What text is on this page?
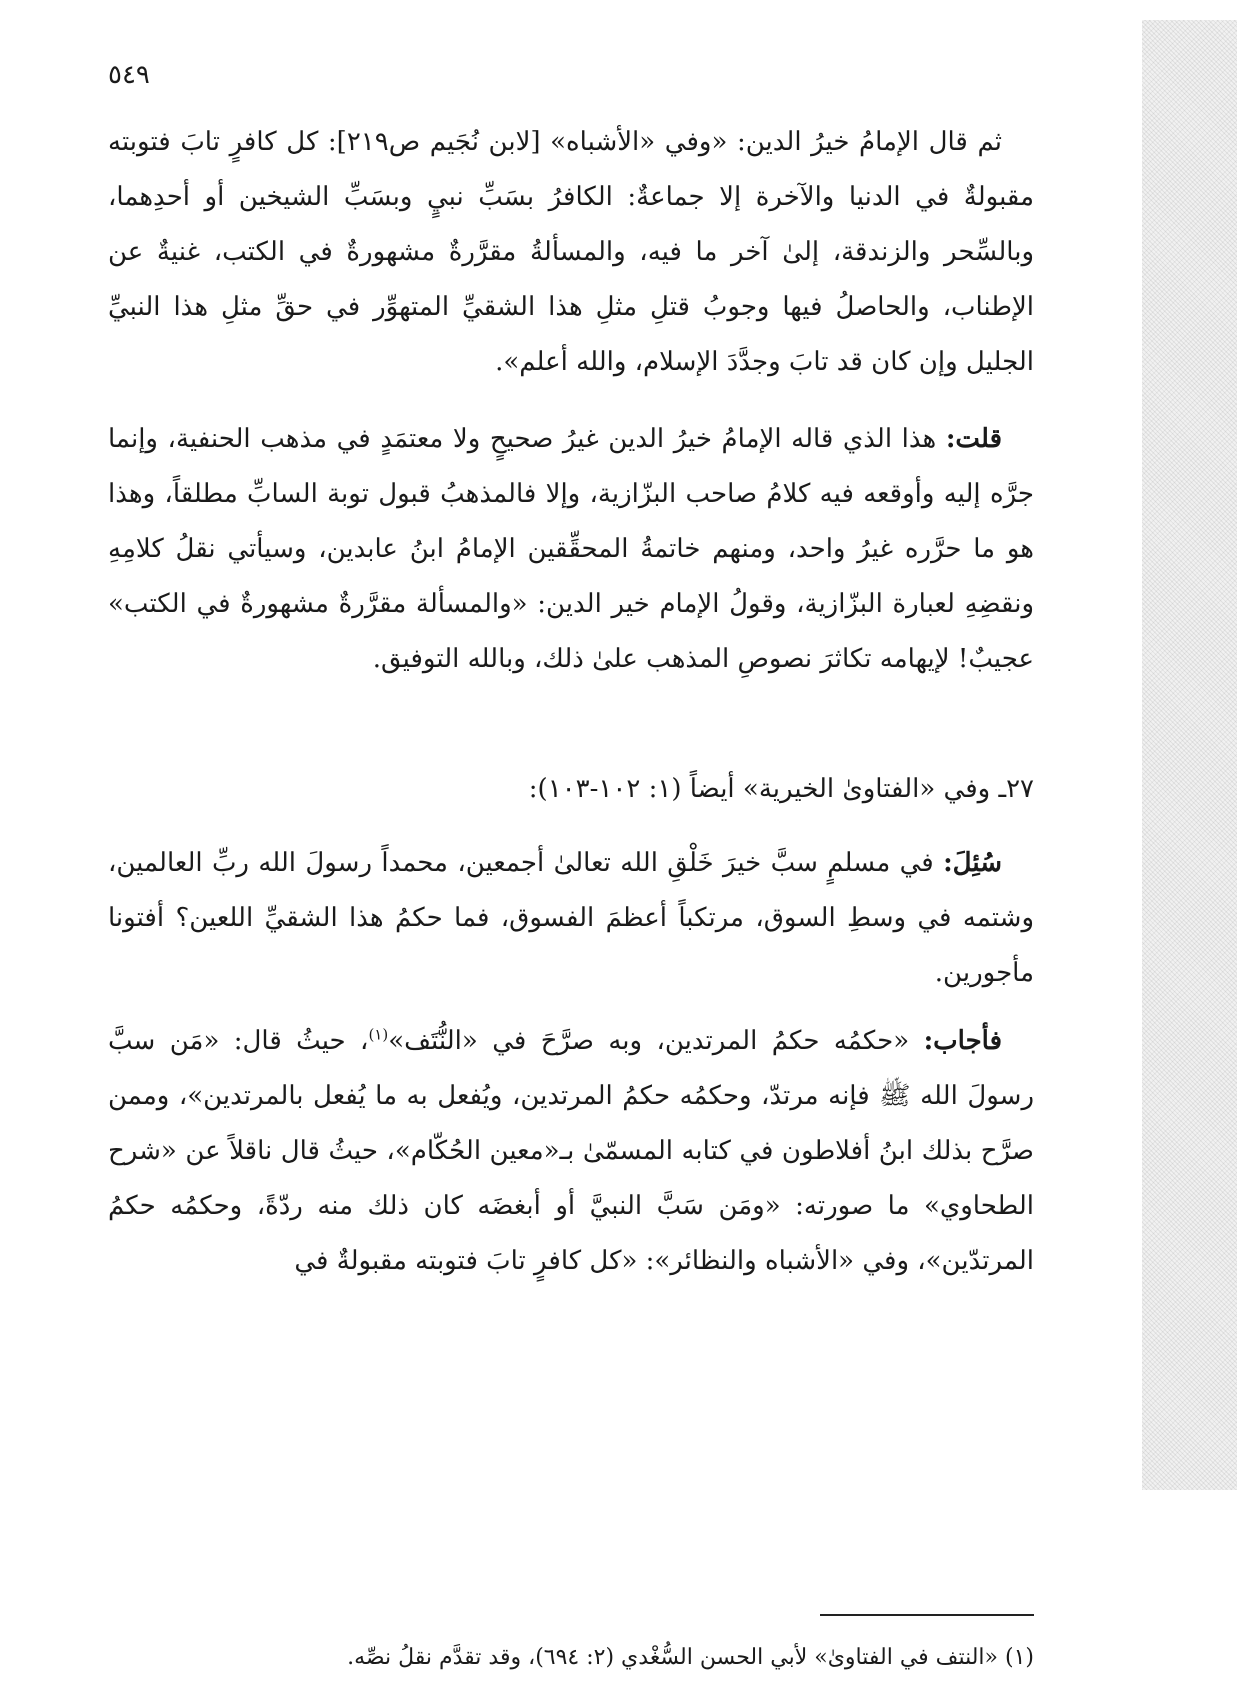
٥٤٩

ثم قال الإمامُ خيرُ الدين: «وفي «الأشباه» [لابن نُجَيم ص٢١٩]: كل كافرٍ تابَ فتوبته مقبولةٌ في الدنيا والآخرة إلا جماعةٌ: الكافرُ بسَبِّ نبيٍ وبسَبِّ الشيخين أو أحدِهما، وبالسِّحر والزندقة، إلىٰ آخر ما فيه، والمسألةُ مقرَّرةٌ مشهورةٌ في الكتب، غنيةٌ عن الإطناب، والحاصلُ فيها وجوبُ قتلِ مثلِ هذا الشقيِّ المتهوِّر في حقِّ مثلِ هذا النبيِّ الجليل وإن كان قد تابَ وجدَّدَ الإسلام، والله أعلم».

قلت: هذا الذي قاله الإمامُ خيرُ الدين غيرُ صحيحٍ ولا معتمَدٍ في مذهب الحنفية، وإنما جرَّه إليه وأوقعه فيه كلامُ صاحب البزّازية، وإلا فالمذهبُ قبول توبة السابِّ مطلقاً، وهذا هو ما حرَّره غيرُ واحد، ومنهم خاتمةُ المحقِّقين الإمامُ ابنُ عابدين، وسيأتي نقلُ كلامِهِ ونقضِهِ لعبارة البزّازية، وقولُ الإمام خير الدين: «والمسألة مقرَّرةٌ مشهورةٌ في الكتب» عجيبٌ! لإيهامه تكاثرَ نصوصِ المذهب علىٰ ذلك، وبالله التوفيق.

٢٧ـ وفي «الفتاوىٰ الخيرية» أيضاً (١: ١٠٢-١٠٣):

سُئِلَ: في مسلمٍ سبَّ خيرَ خَلْقِ الله تعالىٰ أجمعين، محمداً رسولَ الله ربِّ العالمين، وشتمه في وسطِ السوق، مرتكباً أعظمَ الفسوق، فما حكمُ هذا الشقيِّ اللعين؟ أفتونا مأجورين.

فأجاب: «حكمُه حكمُ المرتدين، وبه صرَّحَ في «النُّتَف»$^{(١)}$، حيثُ قال: «مَن سبَّ رسولَ الله ﷺ فإنه مرتدّ، وحكمُه حكمُ المرتدين، ويُفعل به ما يُفعل بالمرتدين»، وممن صرَّح بذلك ابنُ أفلاطون في كتابه المسمّىٰ بـ«معين الحُكّام»، حيثُ قال ناقلاً عن «شرح الطحاوي» ما صورته: «ومَن سَبَّ النبيَّ أو أبغضَه كان ذلك منه ردّةً، وحكمُه حكمُ المرتدّين»، وفي «الأشباه والنظائر»: «كل كافرٍ تابَ فتوبته مقبولةٌ في

(١) «النتف في الفتاوىٰ» لأبي الحسن السُّغْدي (٢: ٦٩٤)، وقد تقدَّم نقلُ نصِّه.
